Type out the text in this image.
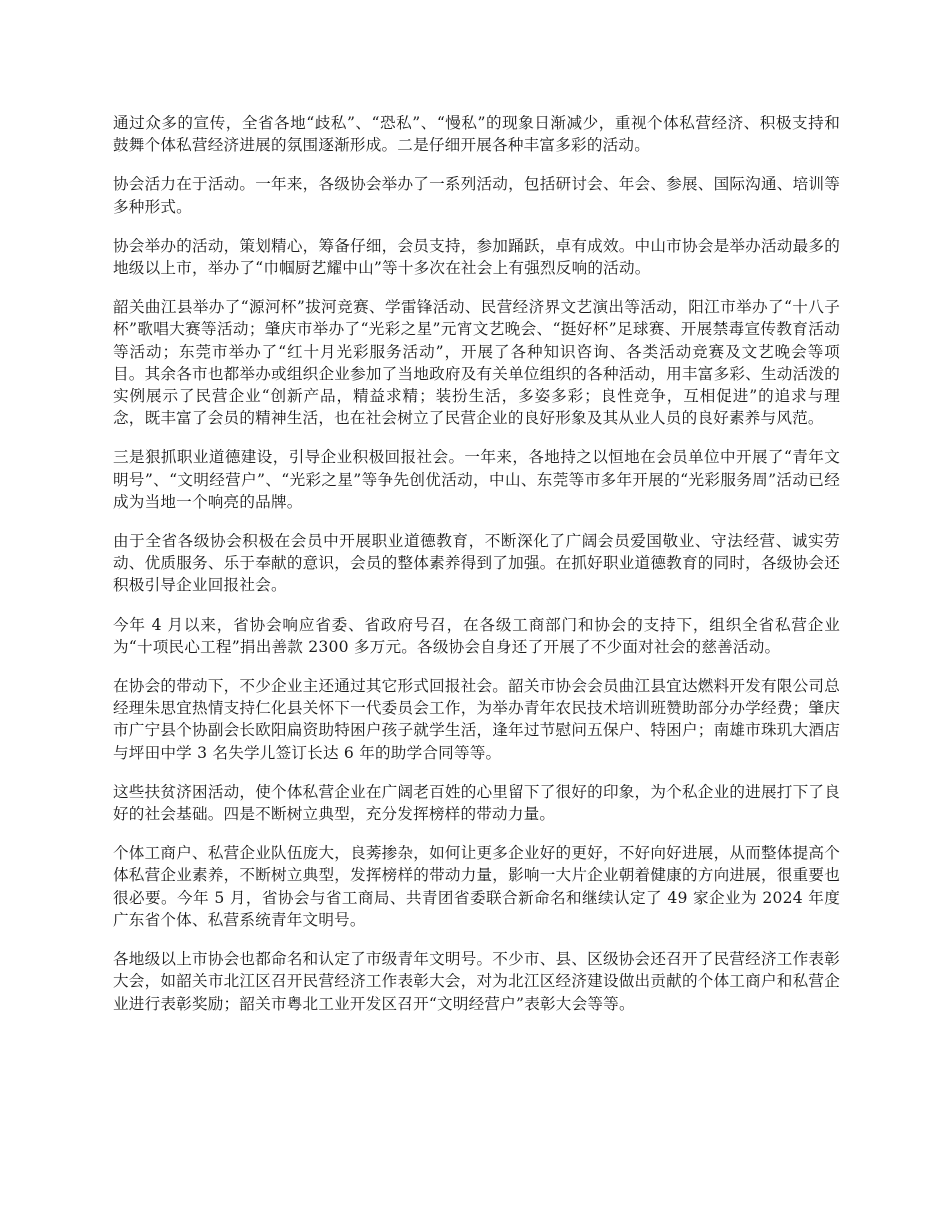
通过众多的宣传，全省各地“歧私”、“恐私”、“慢私”的现象日渐减少，重视个体私营经济、积极支持和鼓舞个体私营经济进展的氛围逐渐形成。二是仔细开展各种丰富多彩的活动。

协会活力在于活动。一年来，各级协会举办了一系列活动，包括研讨会、年会、参展、国际沟通、培训等多种形式。

协会举办的活动，策划精心，筹备仔细，会员支持，参加踊跃，卓有成效。中山市协会是举办活动最多的地级以上市，举办了“巾帼厨艺耀中山”等十多次在社会上有强烈反响的活动。

韶关曲江县举办了“源河杯”拔河竞赛、学雷锋活动、民营经济界文艺演出等活动，阳江市举办了“十八子杯”歌唱大赛等活动；肇庆市举办了“光彩之星”元宵文艺晚会、“挺好杯”足球赛、开展禁毒宣传教育活动等活动；东莞市举办了“红十月光彩服务活动”，开展了各种知识咨询、各类活动竞赛及文艺晚会等项目。其余各市也都举办或组织企业参加了当地政府及有关单位组织的各种活动，用丰富多彩、生动活泼的实例展示了民营企业“创新产品，精益求精；装扮生活，多姿多彩；良性竞争，互相促进”的追求与理念，既丰富了会员的精神生活，也在社会树立了民营企业的良好形象及其从业人员的良好素养与风范。

三是狠抓职业道德建设，引导企业积极回报社会。一年来，各地持之以恒地在会员单位中开展了“青年文明号”、“文明经营户”、“光彩之星”等争先创优活动，中山、东莞等市多年开展的“光彩服务周”活动已经成为当地一个响亮的品牌。

由于全省各级协会积极在会员中开展职业道德教育，不断深化了广阔会员爱国敬业、守法经营、诚实劳动、优质服务、乐于奉献的意识，会员的整体素养得到了加强。在抓好职业道德教育的同时，各级协会还积极引导企业回报社会。

今年 4 月以来，省协会响应省委、省政府号召，在各级工商部门和协会的支持下，组织全省私营企业为“十项民心工程”捐出善款 2300 多万元。各级协会自身还了开展了不少面对社会的慈善活动。

在协会的带动下，不少企业主还通过其它形式回报社会。韶关市协会会员曲江县宜达燃料开发有限公司总经理朱思宜热情支持仁化县关怀下一代委员会工作，为举办青年农民技术培训班赞助部分办学经费；肇庆市广宁县个协副会长欧阳扁资助特困户孩子就学生活，逢年过节慰问五保户、特困户；南雄市珠玑大酒店与坪田中学 3 名失学儿签订长达 6 年的助学合同等等。

这些扶贫济困活动，使个体私营企业在广阔老百姓的心里留下了很好的印象，为个私企业的进展打下了良好的社会基础。四是不断树立典型，充分发挥榜样的带动力量。

个体工商户、私营企业队伍庞大，良莠掺杂，如何让更多企业好的更好，不好向好进展，从而整体提高个体私营企业素养，不断树立典型，发挥榜样的带动力量，影响一大片企业朝着健康的方向进展，很重要也很必要。今年 5 月，省协会与省工商局、共青团省委联合新命名和继续认定了 49 家企业为 2024 年度广东省个体、私营系统青年文明号。

各地级以上市协会也都命名和认定了市级青年文明号。不少市、县、区级协会还召开了民营经济工作表彰大会，如韶关市北江区召开民营经济工作表彰大会，对为北江区经济建设做出贡献的个体工商户和私营企业进行表彰奖励；韶关市粤北工业开发区召开“文明经营户”表彰大会等等。
